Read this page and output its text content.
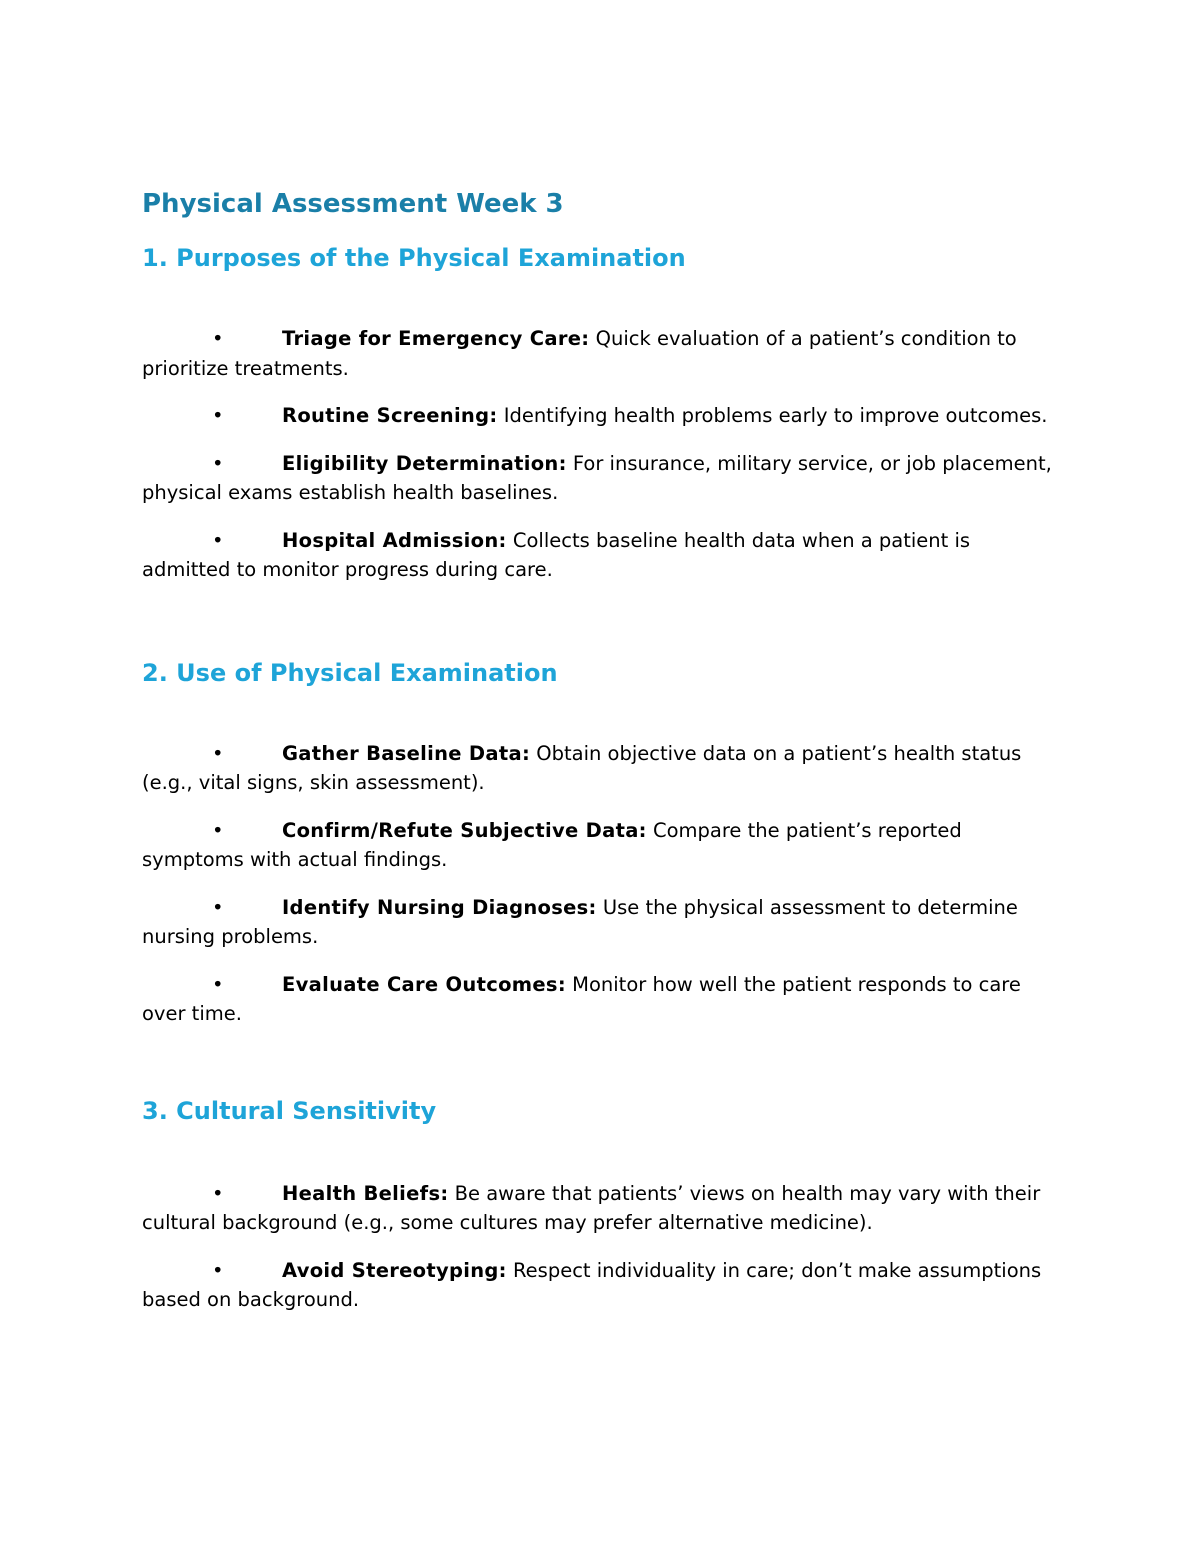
Physical Assessment Week 3
1. Purposes of the Physical Examination
•	Triage for Emergency Care: Quick evaluation of a patient’s condition to prioritize treatments.
•	Routine Screening: Identifying health problems early to improve outcomes.
•	Eligibility Determination: For insurance, military service, or job placement, physical exams establish health baselines.
•	Hospital Admission: Collects baseline health data when a patient is admitted to monitor progress during care.
2. Use of Physical Examination
•	Gather Baseline Data: Obtain objective data on a patient’s health status (e.g., vital signs, skin assessment).
•	Confirm/Refute Subjective Data: Compare the patient’s reported symptoms with actual findings.
•	Identify Nursing Diagnoses: Use the physical assessment to determine nursing problems.
•	Evaluate Care Outcomes: Monitor how well the patient responds to care over time.
3. Cultural Sensitivity
•	Health Beliefs: Be aware that patients’ views on health may vary with their cultural background (e.g., some cultures may prefer alternative medicine).
•	Avoid Stereotyping: Respect individuality in care; don’t make assumptions based on background.
